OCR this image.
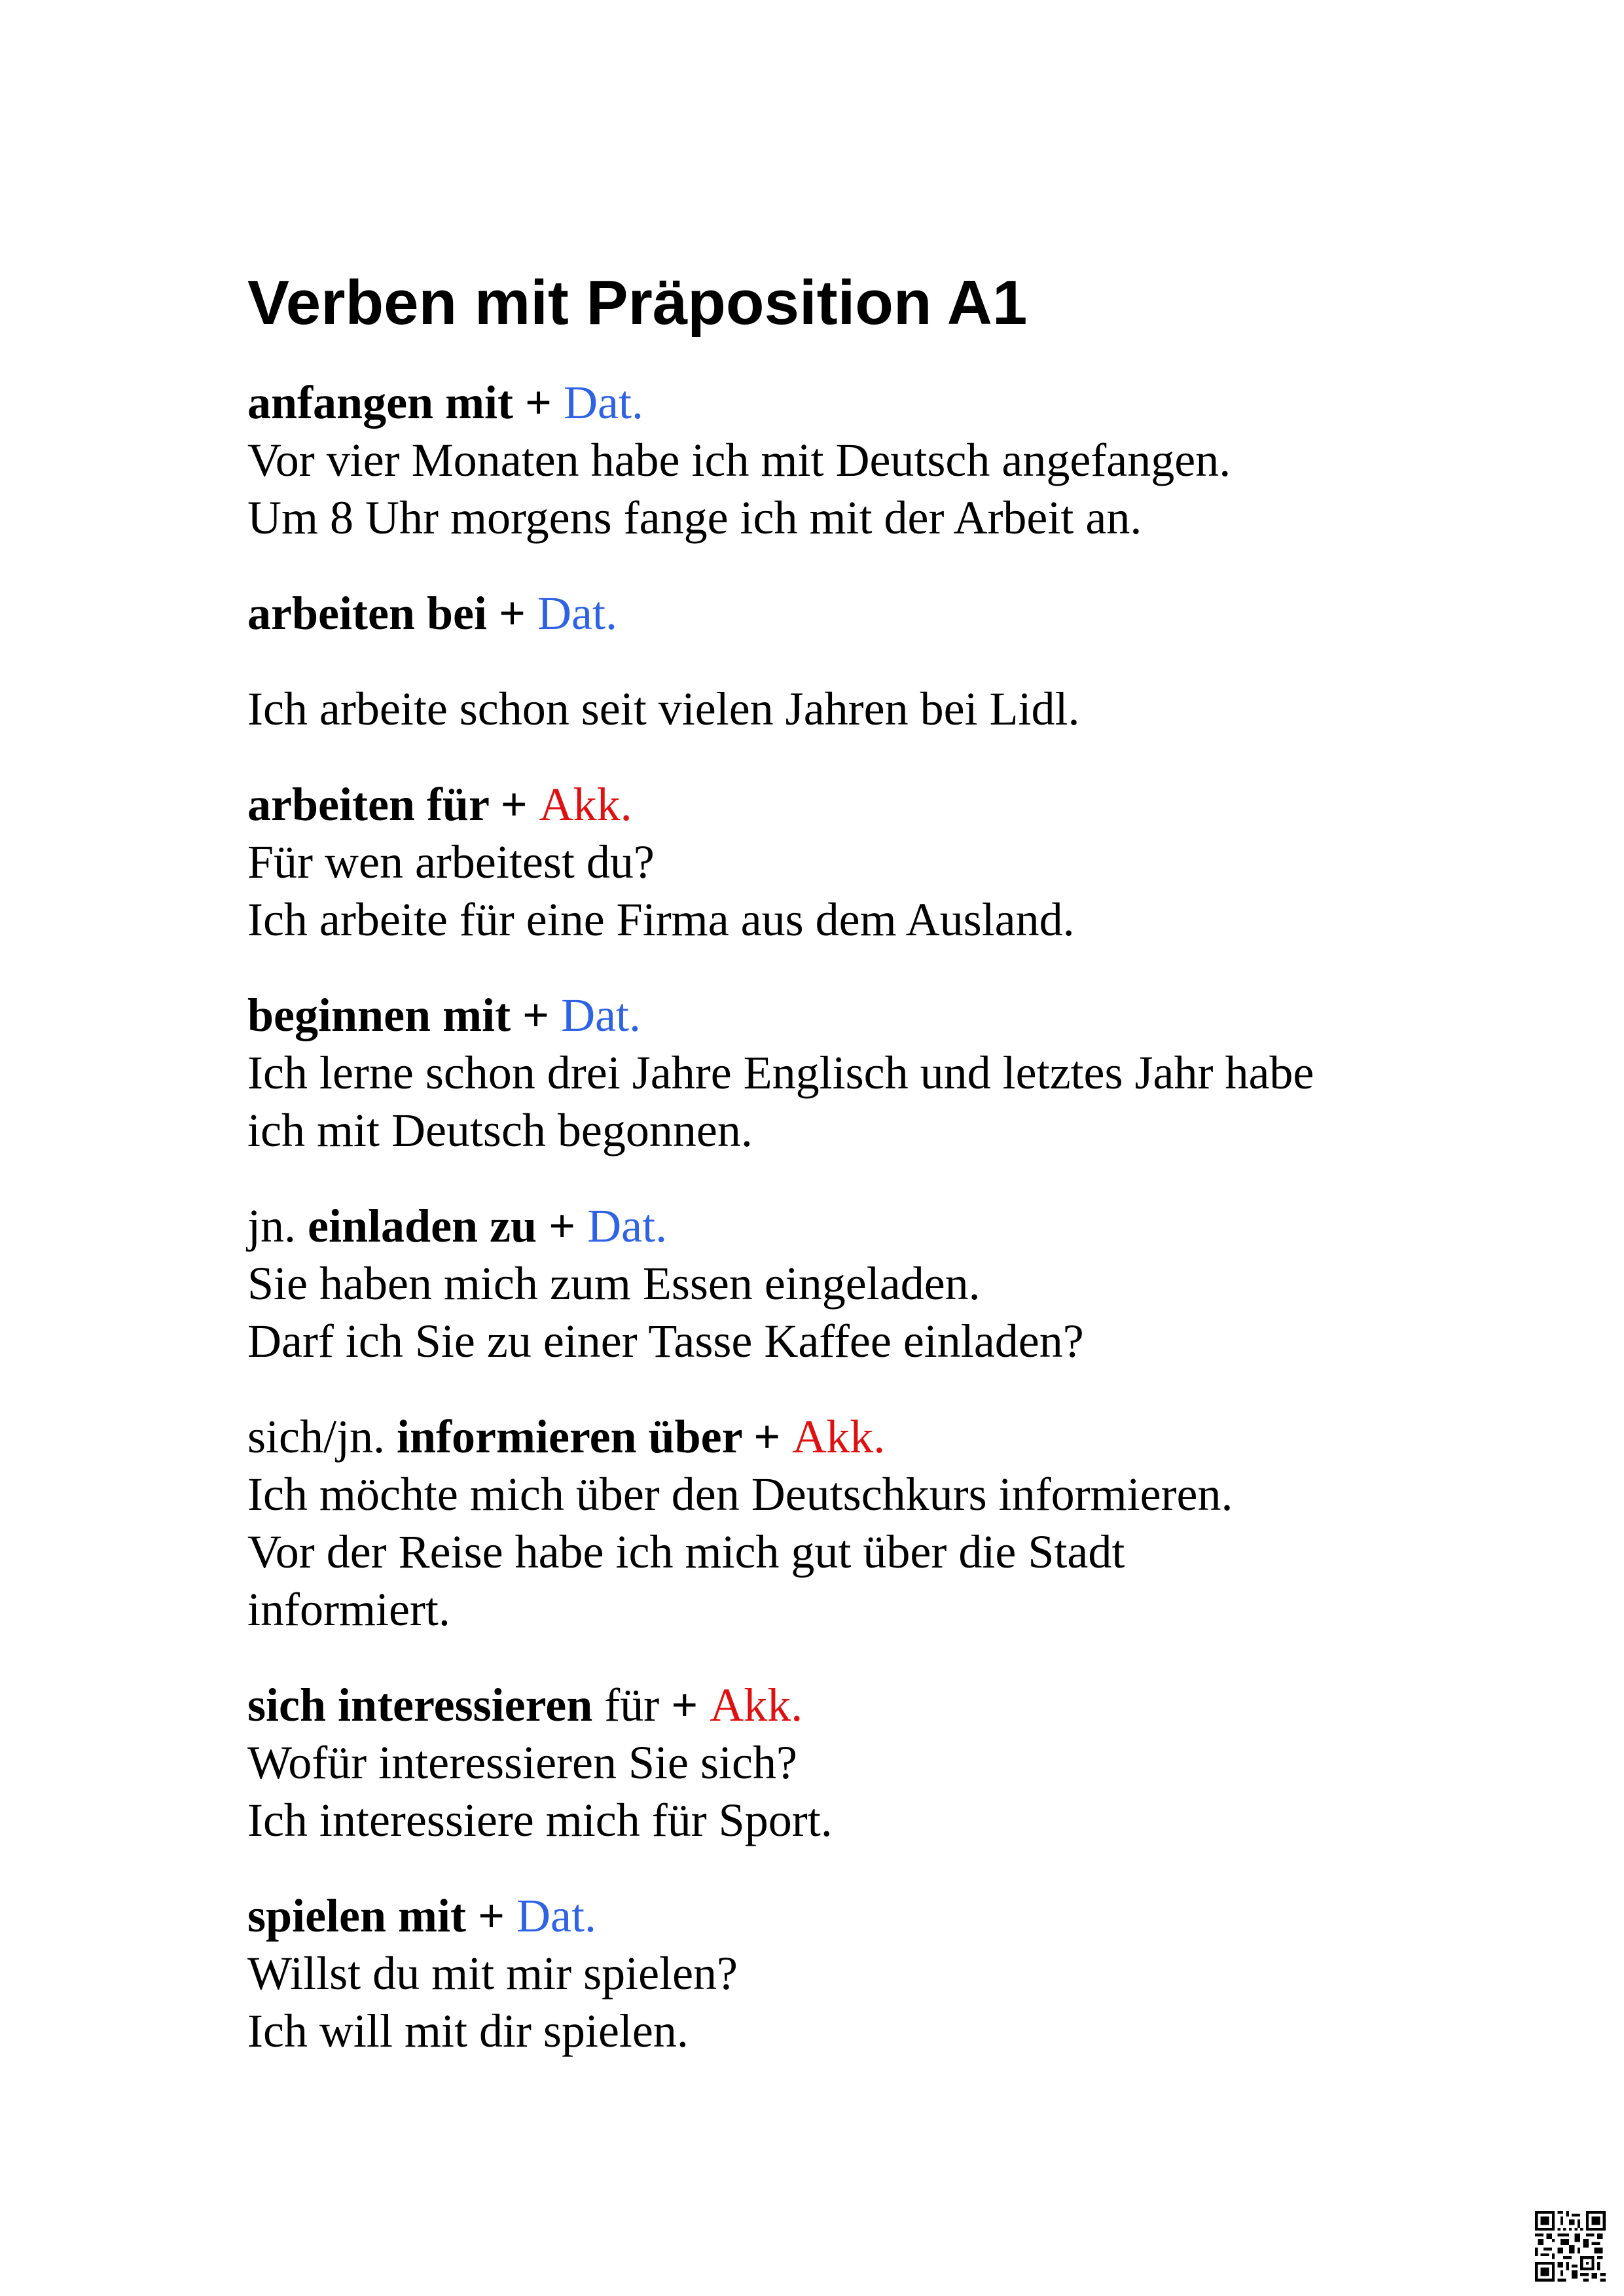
Verben mit Präposition A1
anfangen mit + Dat.
Vor vier Monaten habe ich mit Deutsch angefangen.
Um 8 Uhr morgens fange ich mit der Arbeit an.
arbeiten bei + Dat.
Ich arbeite schon seit vielen Jahren bei Lidl.
arbeiten für + Akk.
Für wen arbeitest du?
Ich arbeite für eine Firma aus dem Ausland.
beginnen mit + Dat.
Ich lerne schon drei Jahre Englisch und letztes Jahr habe
ich mit Deutsch begonnen.
jn. einladen zu + Dat.
Sie haben mich zum Essen eingeladen.
Darf ich Sie zu einer Tasse Kaffee einladen?
sich/jn. informieren über + Akk.
Ich möchte mich über den Deutschkurs informieren.
Vor der Reise habe ich mich gut über die Stadt
informiert.
sich interessieren für + Akk.
Wofür interessieren Sie sich?
Ich interessiere mich für Sport.
spielen mit + Dat.
Willst du mit mir spielen?
Ich will mit dir spielen.
